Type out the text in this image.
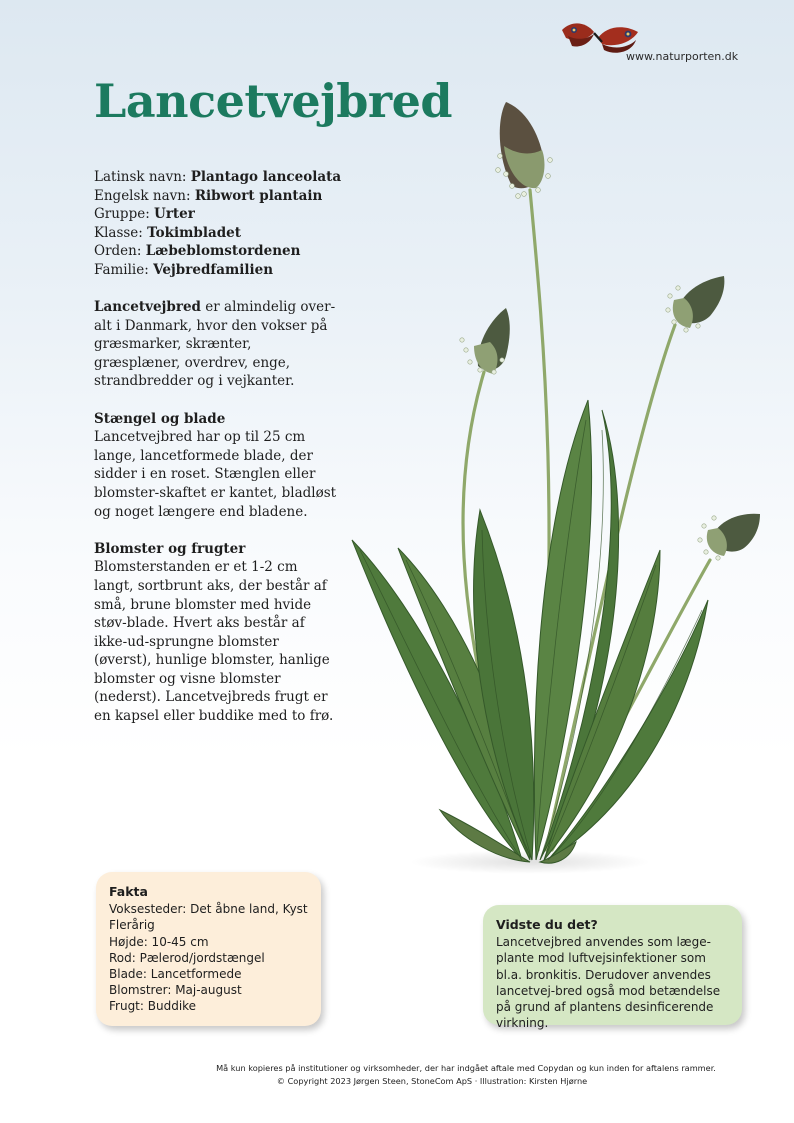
www.naturporten.dk
Lancetvejbred
Latinsk navn: Plantago lanceolata
Engelsk navn: Ribwort plantain
Gruppe: Urter
Klasse: Tokimbladet
Orden: Læbeblomstordenen
Familie: Vejbredfamilien

Lancetvejbred er almindelig over-alt i Danmark, hvor den vokser på græsmarker, skrænter, græsplæner, overdrev, enge, strandbredder og i vejkanter.

Stængel og blade
Lancetvejbred har op til 25 cm lange, lancetformede blade, der sidder i en roset. Stænglen eller blomster-skaftet er kantet, bladløst og noget længere end bladene.

Blomster og frugter
Blomsterstanden er et 1-2 cm langt, sortbrunt aks, der består af små, brune blomster med hvide støv-blade. Hvert aks består af ikke-ud-sprungne blomster (øverst), hunlige blomster, hanlige blomster og visne blomster (nederst). Lancetvejbreds frugt er en kapsel eller buddike med to frø.

Fakta
Voksesteder: Det åbne land, Kyst
Flerårig
Højde: 10-45 cm
Rod: Pælerod/jordstængel
Blade: Lancetformede
Blomstrer: Maj-august
Frugt: Buddike
Vidste du det?
Lancetvejbred anvendes som læge-plante mod luftvejsinfektioner som bl.a. bronkitis. Derudover anvendes lancetvej-bred også mod betændelse på grund af plantens desinficerende virkning.
Må kun kopieres på institutioner og virksomheder, der har indgået aftale med Copydan og kun inden for aftalens rammer.
© Copyright 2023 Jørgen Steen, StoneCom ApS · Illustration: Kirsten Hjørne
